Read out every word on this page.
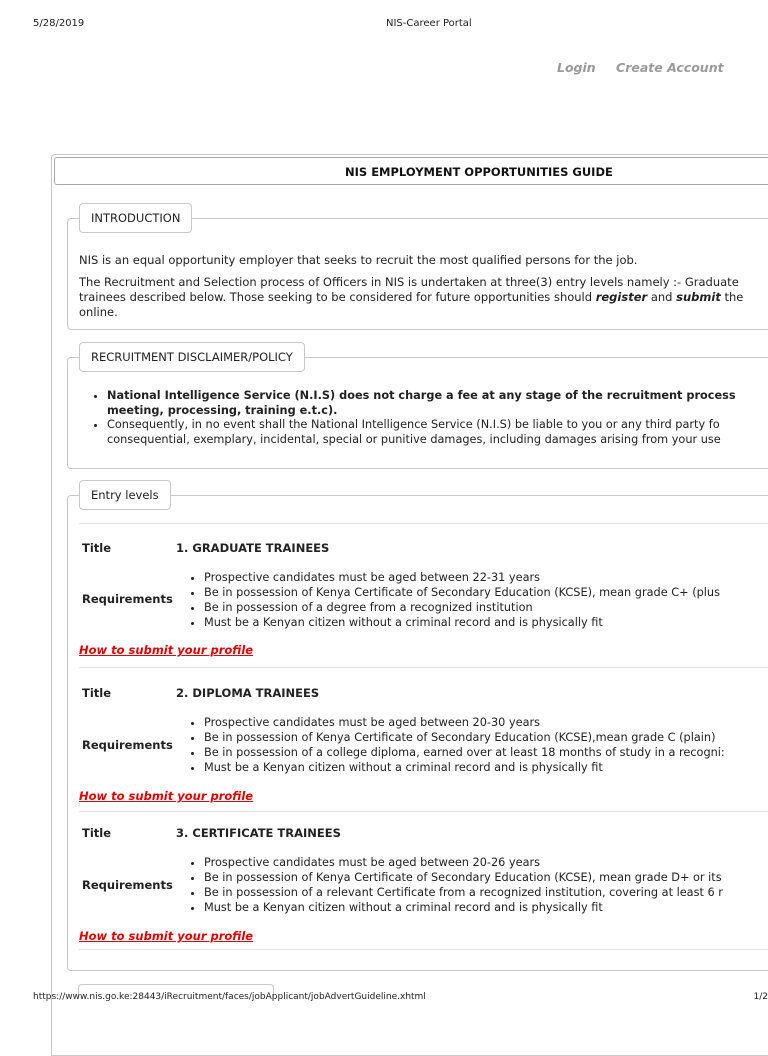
5/28/2019	NIS-Career Portal
Login Create Account
NIS EMPLOYMENT OPPORTUNITIES GUIDE
INTRODUCTION

NIS is an equal opportunity employer that seeks to recruit the most qualified persons for the job.

The Recruitment and Selection process of Officers in NIS is undertaken at three(3) entry levels namely :- Graduate
trainees described below. Those seeking to be considered for future opportunities should register and submit the
online.
RECRUITMENT DISCLAIMER/POLICY
• National Intelligence Service (N.I.S) does not charge a fee at any stage of the recruitment process
meeting, processing, training e.t.c).
• Consequently, in no event shall the National Intelligence Service (N.I.S) be liable to you or any third party fo
consequential, exemplary, incidental, special or punitive damages, including damages arising from your use
Entry levels
Title	1. GRADUATE TRAINEES
Requirements
• Prospective candidates must be aged between 22-31 years
• Be in possession of Kenya Certificate of Secondary Education (KCSE), mean grade C+ (plus
• Be in possession of a degree from a recognized institution
• Must be a Kenyan citizen without a criminal record and is physically fit
How to submit your profile
Title	2. DIPLOMA TRAINEES
Requirements
• Prospective candidates must be aged between 20-30 years
• Be in possession of Kenya Certificate of Secondary Education (KCSE),mean grade C (plain)
• Be in possession of a college diploma, earned over at least 18 months of study in a recogni:
• Must be a Kenyan citizen without a criminal record and is physically fit
How to submit your profile
Title	3. CERTIFICATE TRAINEES
Requirements
• Prospective candidates must be aged between 20-26 years
• Be in possession of Kenya Certificate of Secondary Education (KCSE), mean grade D+ or its
• Be in possession of a relevant Certificate from a recognized institution, covering at least 6 r
• Must be a Kenyan citizen without a criminal record and is physically fit
How to submit your profile
https://www.nis.go.ke:28443/iRecruitment/faces/jobApplicant/jobAdvertGuideline.xhtml	1/2
